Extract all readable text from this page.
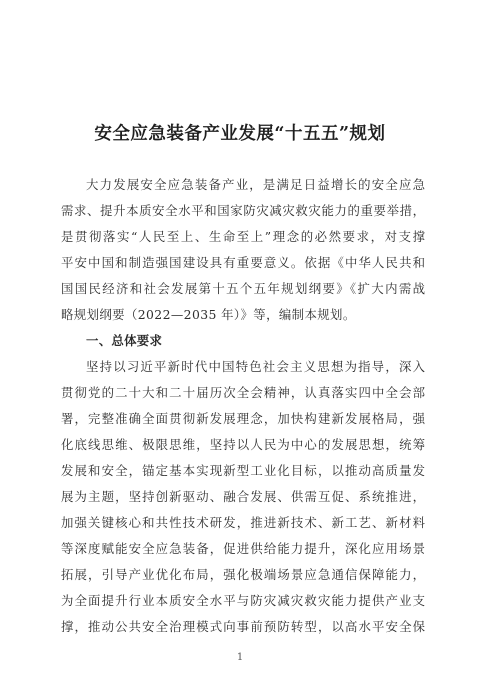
安全应急装备产业发展“十五五”规划
大力发展安全应急装备产业，是满足日益增长的安全应急
需求、提升本质安全水平和国家防灾减灾救灾能力的重要举措，
是贯彻落实“人民至上、生命至上”理念的必然要求，对支撑
平安中国和制造强国建设具有重要意义。依据《中华人民共和
国国民经济和社会发展第十五个五年规划纲要》《扩大内需战
略规划纲要（2022—2035 年）》等，编制本规划。
一、总体要求
坚持以习近平新时代中国特色社会主义思想为指导，深入
贯彻党的二十大和二十届历次全会精神，认真落实四中全会部
署，完整准确全面贯彻新发展理念，加快构建新发展格局，强
化底线思维、极限思维，坚持以人民为中心的发展思想，统筹
发展和安全，锚定基本实现新型工业化目标，以推动高质量发
展为主题，坚持创新驱动、融合发展、供需互促、系统推进，
加强关键核心和共性技术研发，推进新技术、新工艺、新材料
等深度赋能安全应急装备，促进供给能力提升，深化应用场景
拓展，引导产业优化布局，强化极端场景应急通信保障能力，
为全面提升行业本质安全水平与防灾减灾救灾能力提供产业支
撑，推动公共安全治理模式向事前预防转型，以高水平安全保
1
